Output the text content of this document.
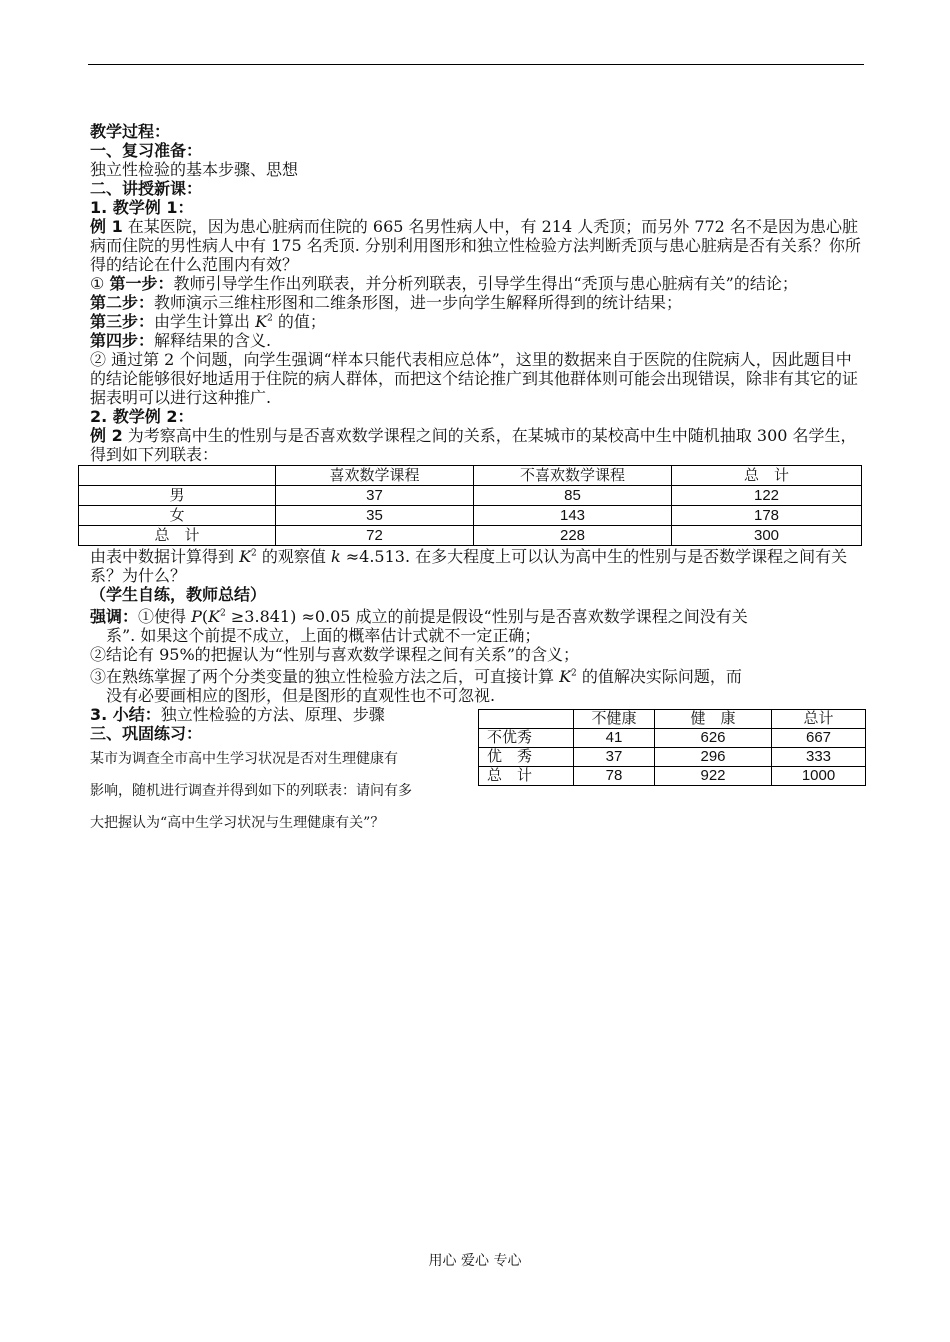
教学过程：
一、复习准备：
独立性检验的基本步骤、思想
二、讲授新课：
1. 教学例 1：
例 1 在某医院，因为患心脏病而住院的 665 名男性病人中，有 214 人秃顶；而另外 772 名不是因为患心脏病而住院的男性病人中有 175 名秃顶. 分别利用图形和独立性检验方法判断秃顶与患心脏病是否有关系？你所得的结论在什么范围内有效？
① 第一步：教师引导学生作出列联表，并分析列联表，引导学生得出“秃顶与患心脏病有关”的结论；
第二步：教师演示三维柱形图和二维条形图，进一步向学生解释所得到的统计结果；
第三步：由学生计算出 $K^2$ 的值；
第四步：解释结果的含义.
② 通过第 2 个问题，向学生强调“样本只能代表相应总体”，这里的数据来自于医院的住院病人，因此题目中的结论能够很好地适用于住院的病人群体，而把这个结论推广到其他群体则可能会出现错误，除非有其它的证据表明可以进行这种推广.
2. 教学例 2：
例 2 为考察高中生的性别与是否喜欢数学课程之间的关系，在某城市的某校高中生中随机抽取 300 名学生，得到如下列联表：
	喜欢数学课程	不喜欢数学课程	总　计
男	37	85	122
女	35	143	178
总　计	72	228	300
由表中数据计算得到 $K^2$ 的观察值 k ≈4.513. 在多大程度上可以认为高中生的性别与是否数学课程之间有关系？为什么？
（学生自练，教师总结）
强调：①使得 $P(K^2 \ge 3.841) \approx 0.05$ 成立的前提是假设“性别与是否喜欢数学课程之间没有关
系”. 如果这个前提不成立，上面的概率估计式就不一定正确；
②结论有 95%的把握认为“性别与喜欢数学课程之间有关系”的含义；
③在熟练掌握了两个分类变量的独立性检验方法之后，可直接计算 $K^2$ 的值解决实际问题，而
没有必要画相应的图形，但是图形的直观性也不可忽视.
3. 小结：独立性检验的方法、原理、步骤
三、巩固练习：
某市为调查全市高中生学习状况是否对生理健康有
影响，随机进行调查并得到如下的列联表：请问有多
大把握认为“高中生学习状况与生理健康有关”？
	不健康	健　康	总计
不优秀	41	626	667
优　秀	37	296	333
总　计	78	922	1000
用心 爱心 专心
